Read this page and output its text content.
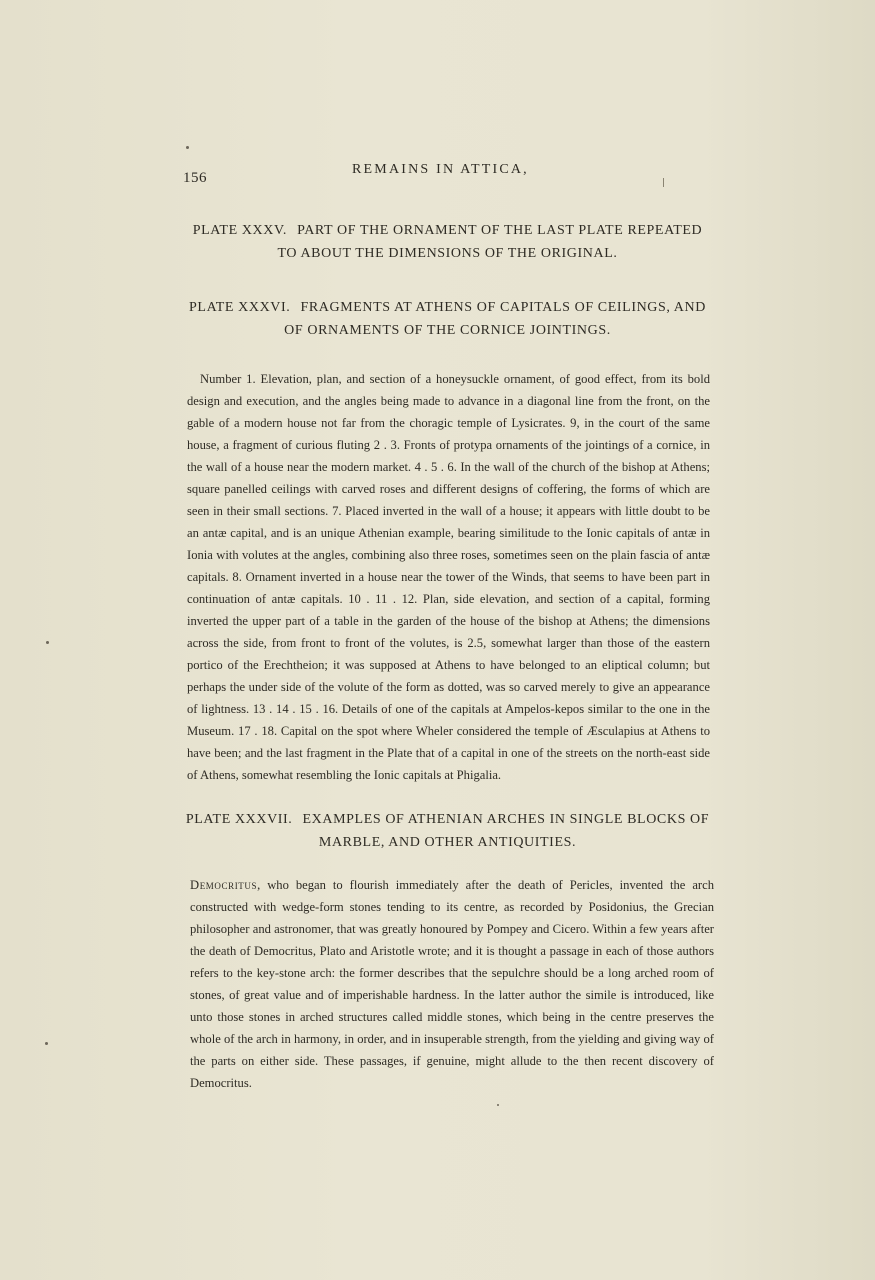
156
REMAINS IN ATTICA,
PLATE XXXV. PART OF THE ORNAMENT OF THE LAST PLATE REPEATED TO ABOUT THE DIMENSIONS OF THE ORIGINAL.
PLATE XXXVI. FRAGMENTS AT ATHENS OF CAPITALS OF CEILINGS, AND OF ORNAMENTS OF THE CORNICE JOINTINGS.

Number 1. Elevation, plan, and section of a honeysuckle ornament, of good effect, from its bold design and execution, and the angles being made to advance in a diagonal line from the front, on the gable of a modern house not far from the choragic temple of Lysicrates. 9, in the court of the same house, a fragment of curious fluting 2 . 3. Fronts of protypa ornaments of the jointings of a cornice, in the wall of a house near the modern market. 4 . 5 . 6. In the wall of the church of the bishop at Athens; square panelled ceilings with carved roses and different designs of coffering, the forms of which are seen in their small sections. 7. Placed inverted in the wall of a house; it appears with little doubt to be an antæ capital, and is an unique Athenian example, bearing similitude to the Ionic capitals of antæ in Ionia with volutes at the angles, combining also three roses, sometimes seen on the plain fascia of antæ capitals. 8. Ornament inverted in a house near the tower of the Winds, that seems to have been part in continuation of antæ capitals. 10 . 11 . 12. Plan, side elevation, and section of a capital, forming inverted the upper part of a table in the garden of the house of the bishop at Athens; the dimensions across the side, from front to front of the volutes, is 2.5, somewhat larger than those of the eastern portico of the Erechtheion; it was supposed at Athens to have belonged to an eliptical column; but perhaps the under side of the volute of the form as dotted, was so carved merely to give an appearance of lightness. 13 . 14 . 15 . 16. Details of one of the capitals at Ampelos-kepos similar to the one in the Museum. 17 . 18. Capital on the spot where Wheler considered the temple of Æsculapius at Athens to have been; and the last fragment in the Plate that of a capital in one of the streets on the north-east side of Athens, somewhat resembling the Ionic capitals at Phigalia.

PLATE XXXVII. EXAMPLES OF ATHENIAN ARCHES IN SINGLE BLOCKS OF MARBLE, AND OTHER ANTIQUITIES.

Democritus, who began to flourish immediately after the death of Pericles, invented the arch constructed with wedge-form stones tending to its centre, as recorded by Posidonius, the Grecian philosopher and astronomer, that was greatly honoured by Pompey and Cicero. Within a few years after the death of Democritus, Plato and Aristotle wrote; and it is thought a passage in each of those authors refers to the key-stone arch: the former describes that the sepulchre should be a long arched room of stones, of great value and of imperishable hardness. In the latter author the simile is introduced, like unto those stones in arched structures called middle stones, which being in the centre preserves the whole of the arch in harmony, in order, and in insuperable strength, from the yielding and giving way of the parts on either side. These passages, if genuine, might allude to the then recent discovery of Democritus.
